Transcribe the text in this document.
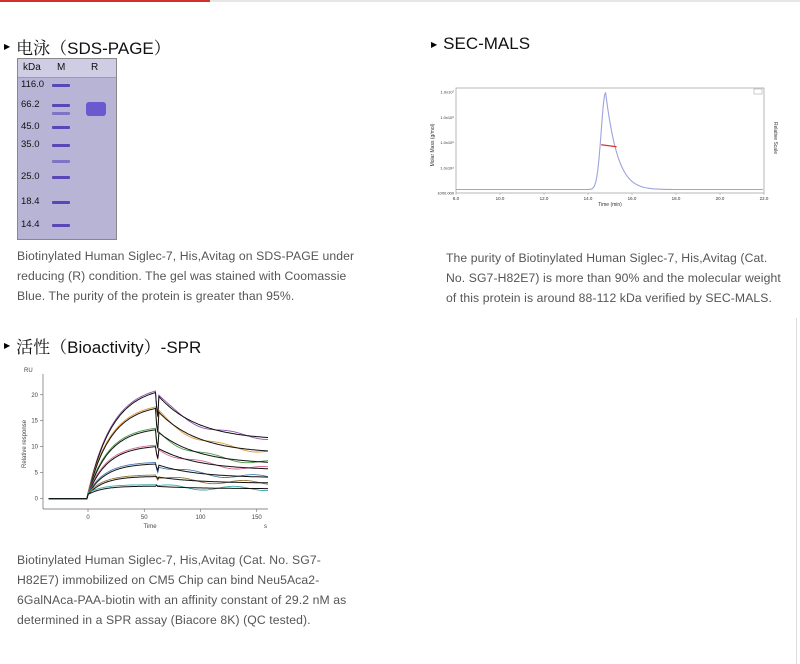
▶ 电泳（SDS-PAGE）
kDa M	R
116.0
66.2
45.0
35.0
25.0
18.4
14.4

Biotinylated Human Siglec-7, His,Avitag on SDS-PAGE under reducing (R) condition. The gel was stained with Coomassie Blue. The purity of the protein is greater than 95%.

▶ SEC-MALS
Molar Mass (g/mol)	Relative Scale
Time (min)
8.0	10.0	12.0	14.0	16.0	18.0	20.0	22.0
1000.000
1.0x10⁴
1.0x10⁵
1.0x10⁶
1.0x10⁷

The purity of Biotinylated Human Siglec-7, His,Avitag (Cat. No. SG7-H82E7) is more than 90% and the molecular weight of this protein is around 88-112 kDa verified by SEC-MALS.

▶ 活性（Bioactivity）-SPR
RU
Relative response
Time	s
0	50	100	150
0
5
10
15
20

Biotinylated Human Siglec-7, His,Avitag (Cat. No. SG7-H82E7) immobilized on CM5 Chip can bind Neu5Aca2-6GalNAca-PAA-biotin with an affinity constant of 29.2 nM as determined in a SPR assay (Biacore 8K) (QC tested).
